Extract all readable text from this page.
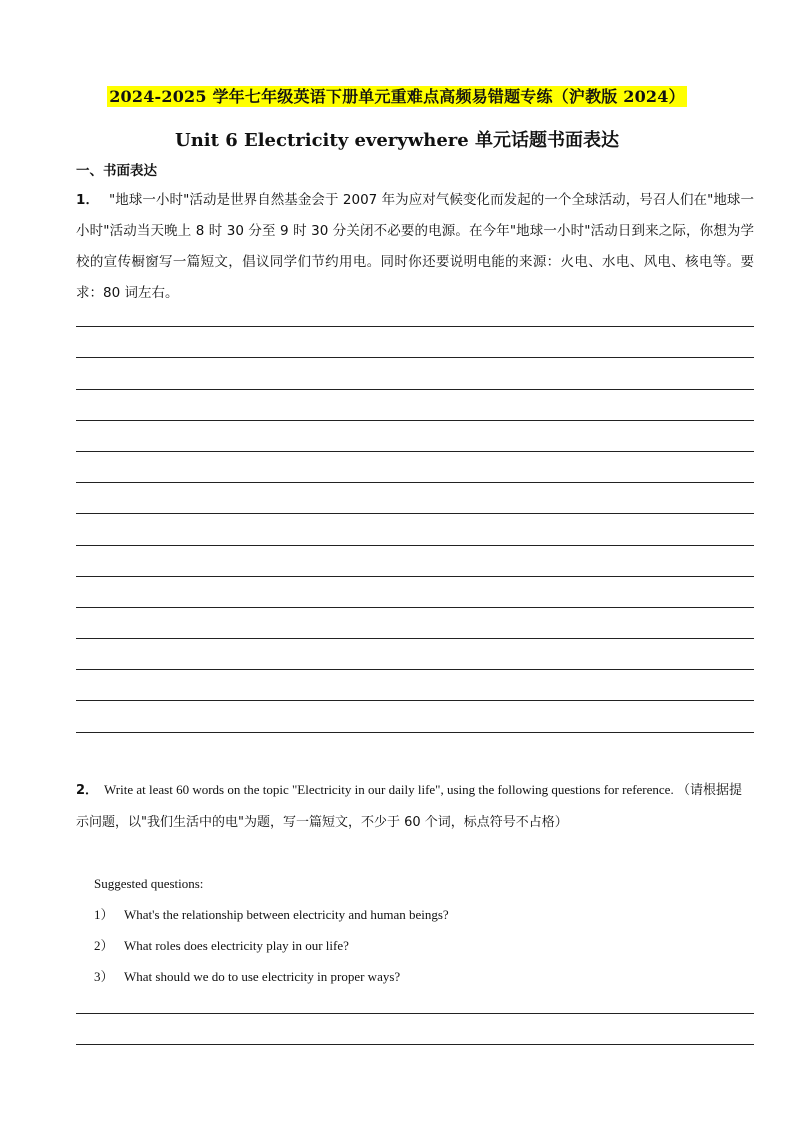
2024-2025 学年七年级英语下册单元重难点高频易错题专练（沪教版 2024）
Unit 6 Electricity everywhere 单元话题书面表达
一、书面表达
1． "地球一小时"活动是世界自然基金会于 2007 年为应对气候变化而发起的一个全球活动，号召人们在"地球一小时"活动当天晚上 8 时 30 分至 9 时 30 分关闭不必要的电源。在今年"地球一小时"活动日到来之际，你想为学 校的宣传橱窗写一篇短文，倡议同学们节约用电。同时你还要说明电能的来源：火电、水电、风电、核电等。要求：80 词左右。
2． Write at least 60 words on the topic "Electricity in our daily life", using the following questions for reference. （请根据提示问题，以"我们生活中的电"为题，写一篇短文，不少于 60 个词，标点符号不占格）
Suggested questions:
1） What's the relationship between electricity and human beings?
2） What roles does electricity play in our life?
3） What should we do to use electricity in proper ways?
